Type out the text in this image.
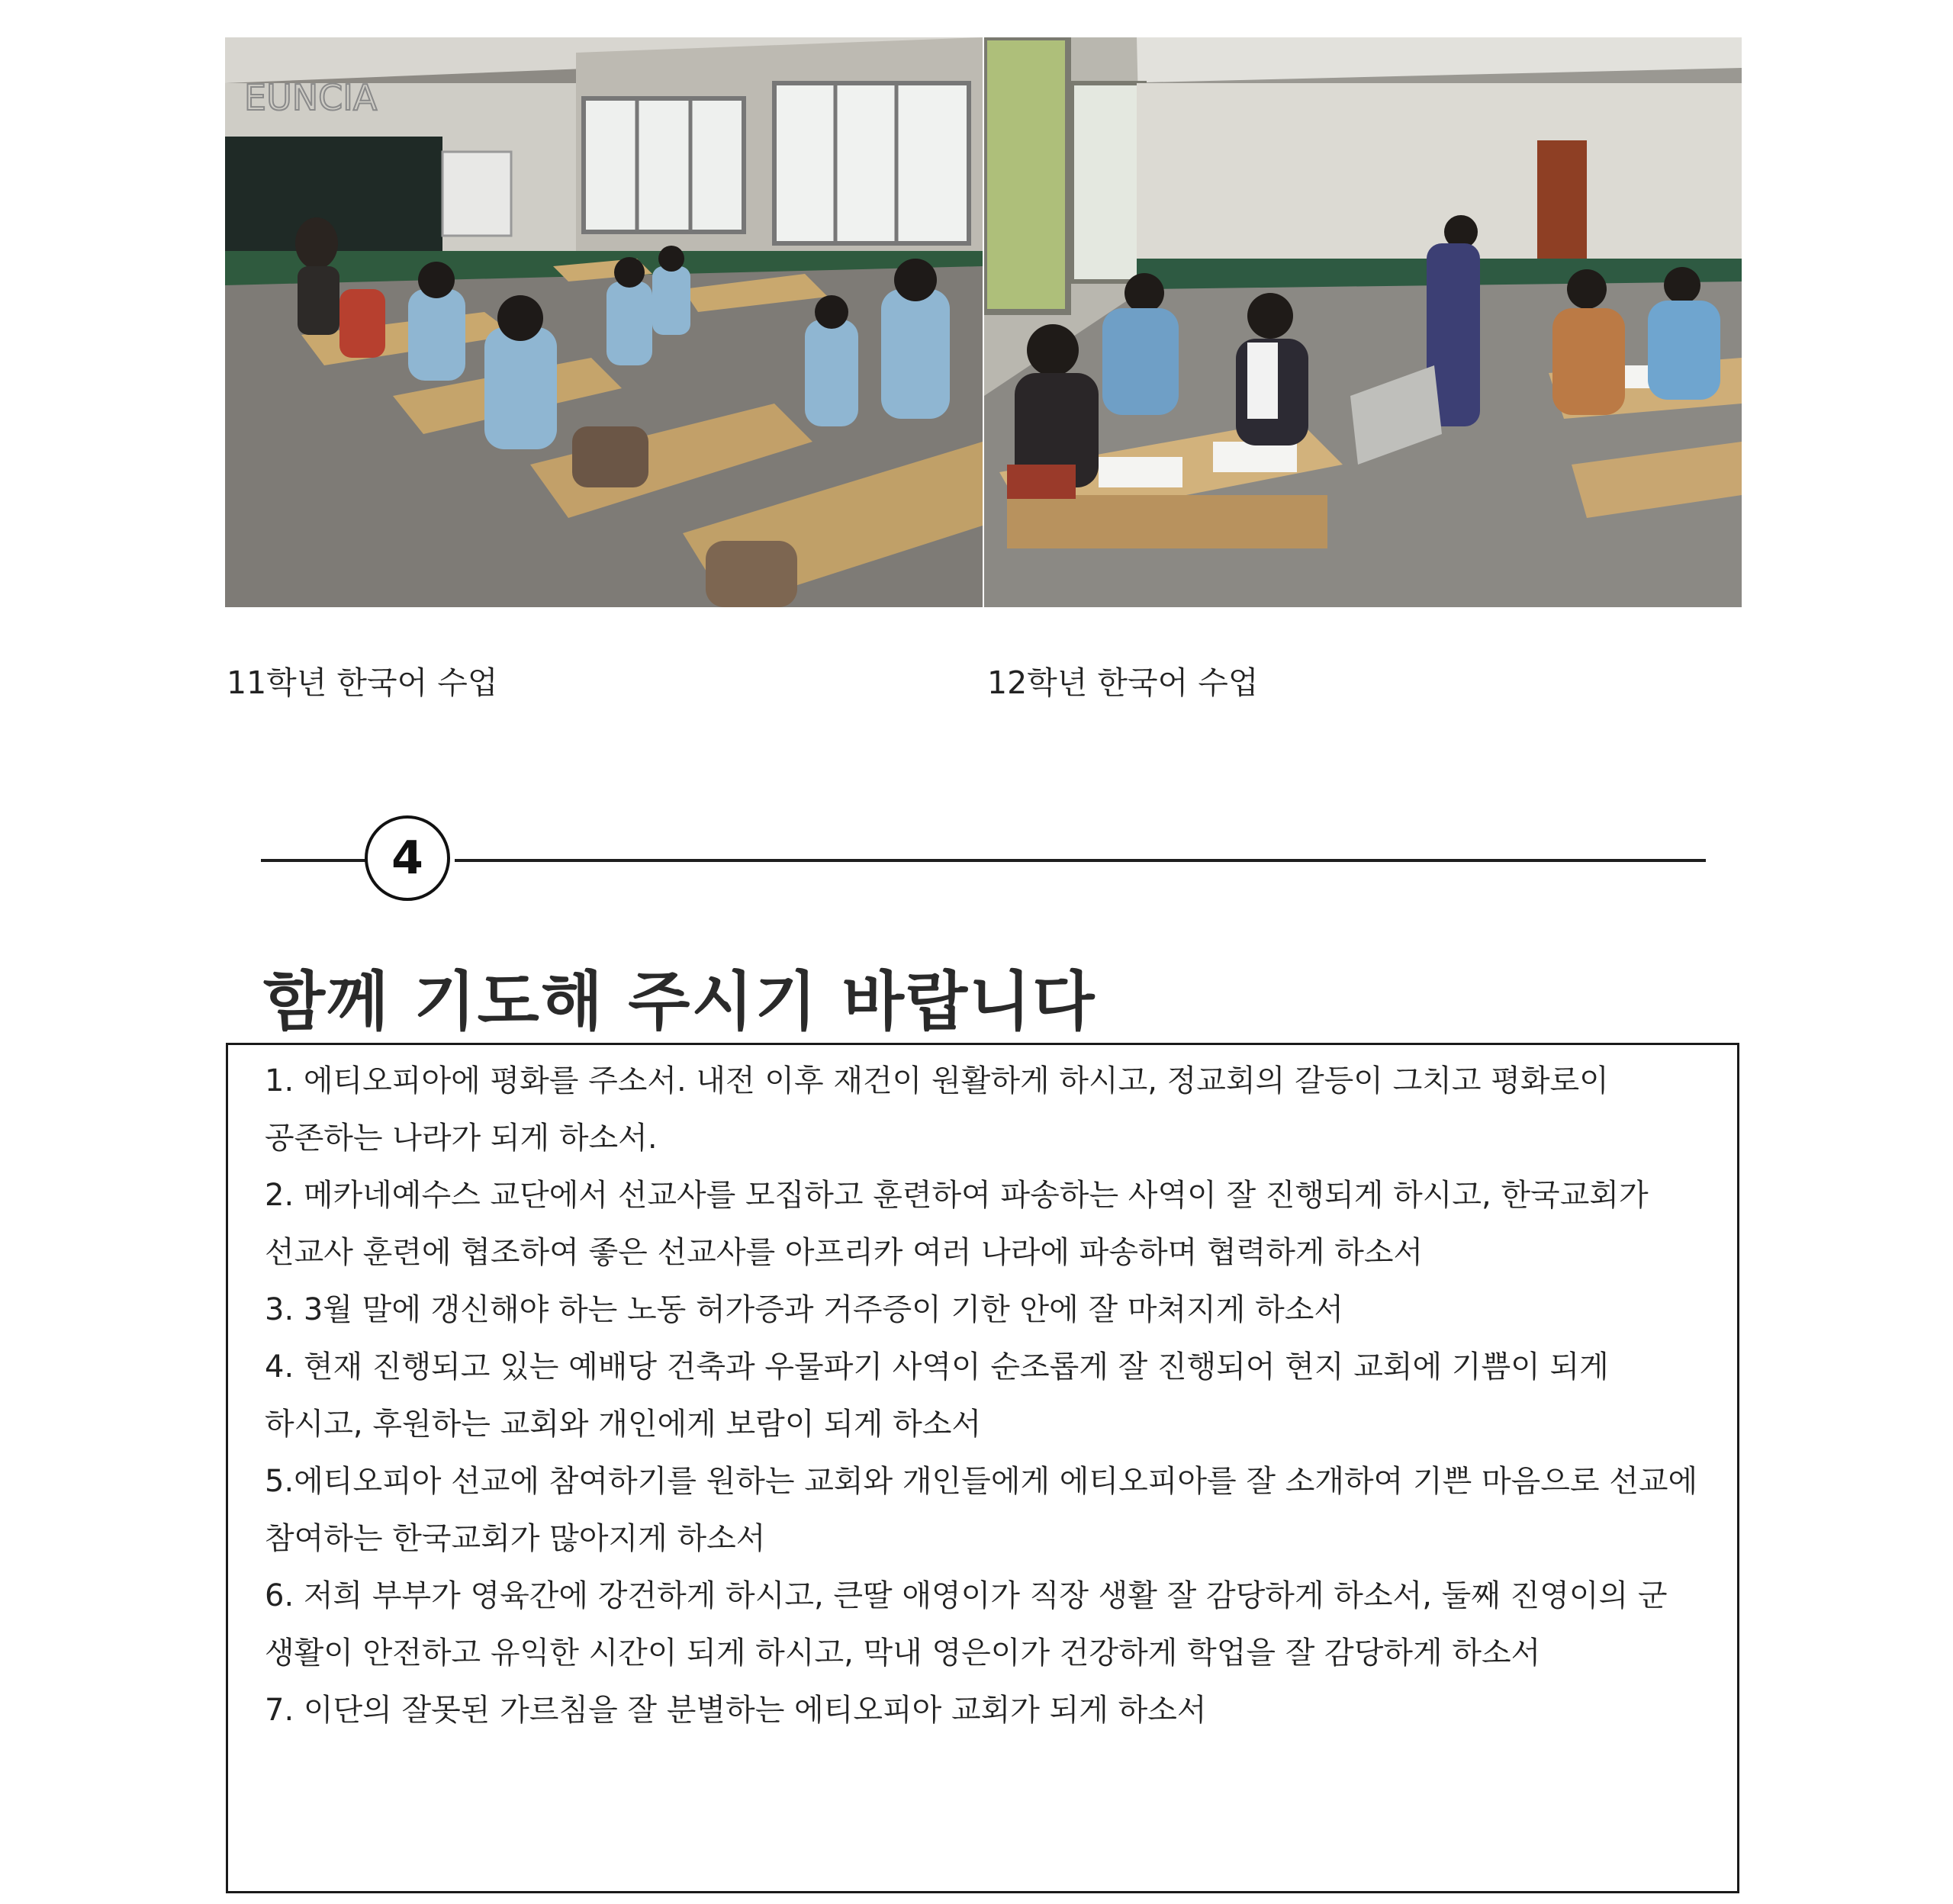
EUNCIA
11학년 한국어 수업	12학년 한국어 수업
4
함께 기도해 주시기 바랍니다
1. 에티오피아에 평화를 주소서. 내전 이후 재건이 원활하게 하시고, 정교회의 갈등이 그치고 평화로이 공존하는 나라가 되게 하소서.
2. 메카네예수스 교단에서 선교사를 모집하고 훈련하여 파송하는 사역이 잘 진행되게 하시고, 한국교회가 선교사 훈련에 협조하여 좋은 선교사를 아프리카 여러 나라에 파송하며 협력하게 하소서
3. 3월 말에 갱신해야 하는 노동 허가증과 거주증이 기한 안에 잘 마쳐지게 하소서
4. 현재 진행되고 있는 예배당 건축과 우물파기 사역이 순조롭게 잘 진행되어 현지 교회에 기쁨이 되게 하시고, 후원하는 교회와 개인에게 보람이 되게 하소서
5.에티오피아 선교에 참여하기를 원하는 교회와 개인들에게 에티오피아를 잘 소개하여 기쁜 마음으로 선교에 참여하는 한국교회가 많아지게 하소서
6. 저희 부부가 영육간에 강건하게 하시고, 큰딸 애영이가 직장 생활 잘 감당하게 하소서, 둘째 진영이의 군 생활이 안전하고 유익한 시간이 되게 하시고, 막내 영은이가 건강하게 학업을 잘 감당하게 하소서
7. 이단의 잘못된 가르침을 잘 분별하는 에티오피아 교회가 되게 하소서
